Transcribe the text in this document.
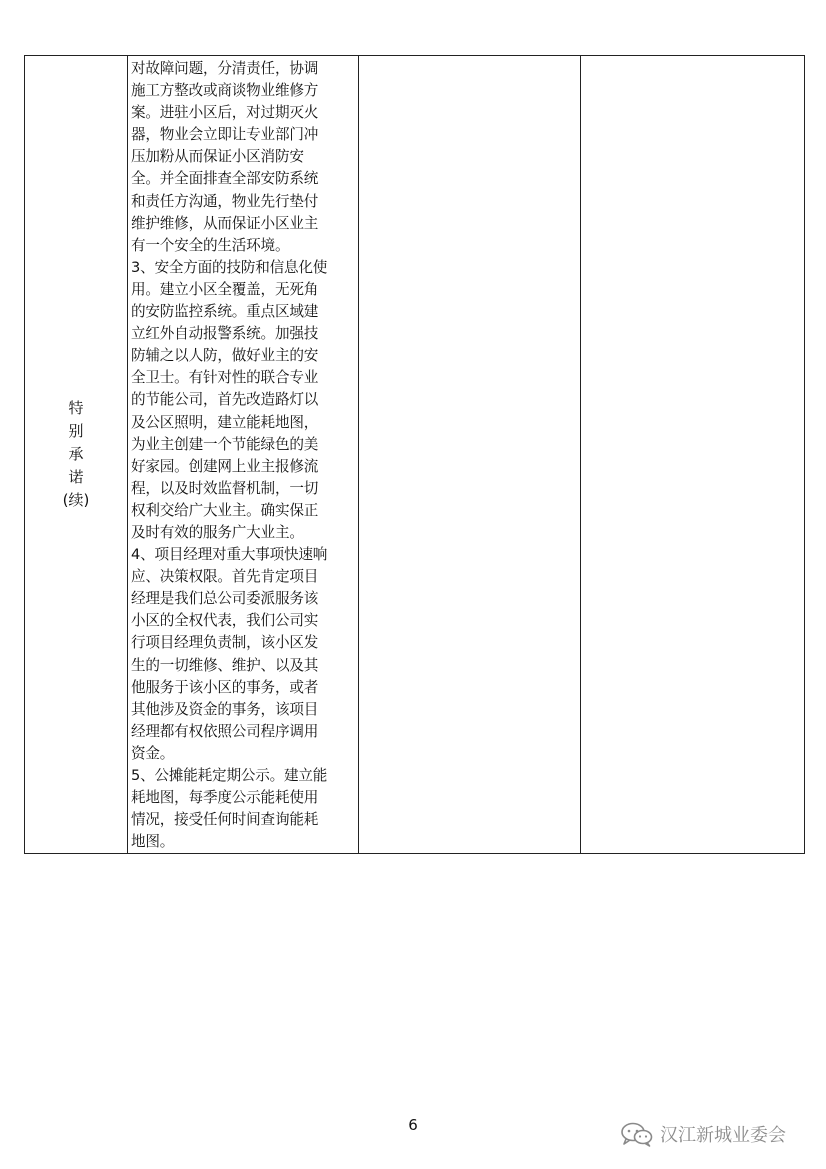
特
别
承
诺
(续)

对故障问题，分清责任，协调
施工方整改或商谈物业维修方
案。进驻小区后，对过期灭火
器，物业会立即让专业部门冲
压加粉从而保证小区消防安
全。并全面排查全部安防系统
和责任方沟通，物业先行垫付
维护维修，从而保证小区业主
有一个安全的生活环境。
3、安全方面的技防和信息化使
用。建立小区全覆盖，无死角
的安防监控系统。重点区域建
立红外自动报警系统。加强技
防辅之以人防，做好业主的安
全卫士。有针对性的联合专业
的节能公司，首先改造路灯以
及公区照明，建立能耗地图，
为业主创建一个节能绿色的美
好家园。创建网上业主报修流
程，以及时效监督机制，一切
权利交给广大业主。确实保正
及时有效的服务广大业主。
4、项目经理对重大事项快速响
应、决策权限。首先肯定项目
经理是我们总公司委派服务该
小区的全权代表，我们公司实
行项目经理负责制，该小区发
生的一切维修、维护、以及其
他服务于该小区的事务，或者
其他涉及资金的事务，该项目
经理都有权依照公司程序调用
资金。
5、公摊能耗定期公示。建立能
耗地图，每季度公示能耗使用
情况，接受任何时间查询能耗
地图。

6	汉江新城业委会
